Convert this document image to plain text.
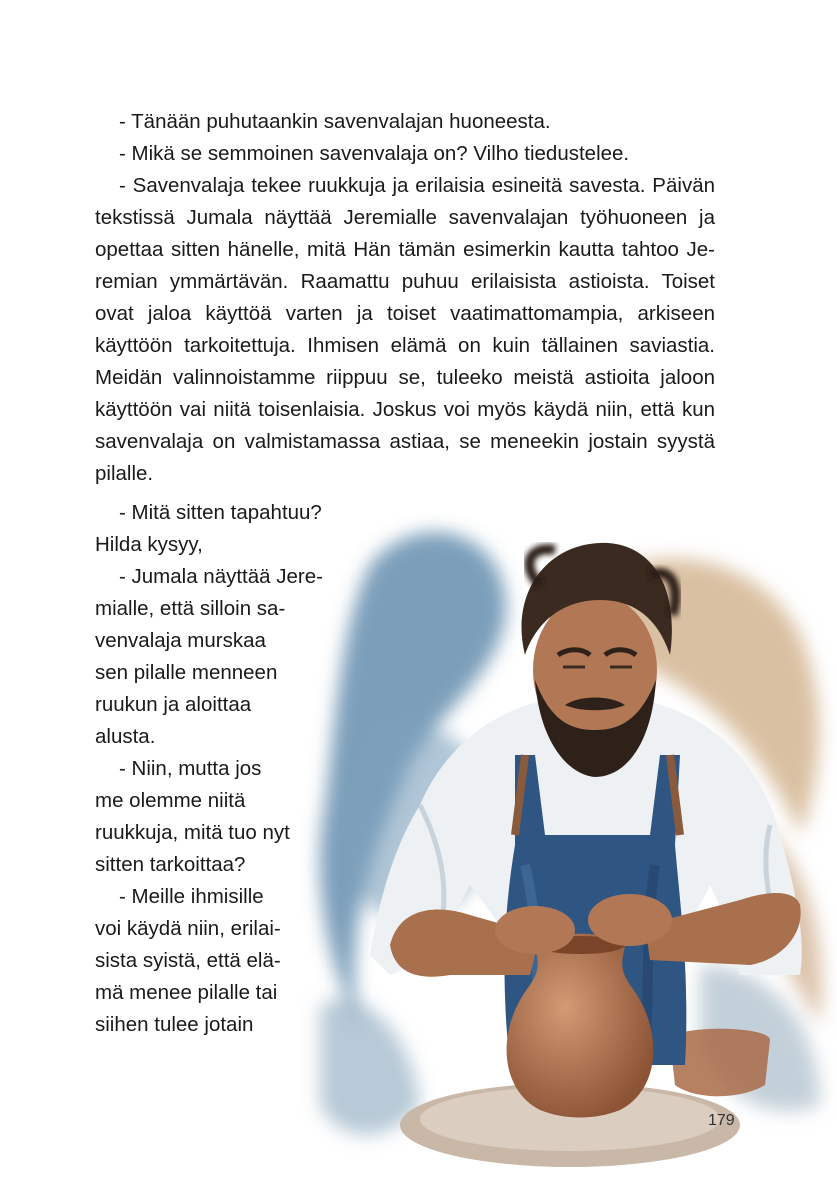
- Tänään puhutaankin savenvalajan huoneesta.
- Mikä se semmoinen savenvalaja on? Vilho tiedustelee.
- Savenvalaja tekee ruukkuja ja erilaisia esineitä savesta. Päivän
tekstissä Jumala näyttää Jeremialle savenvalajan työhuoneen ja
opettaa sitten hänelle, mitä Hän tämän esimerkin kautta tahtoo Je-
remian ymmärtävän. Raamattu puhuu erilaisista astioista. Toiset
ovat jaloa käyttöä varten ja toiset vaatimattomampia, arkiseen
käyttöön tarkoitettuja. Ihmisen elämä on kuin tällainen saviastia.
Meidän valinnoistamme riippuu se, tuleeko meistä astioita jaloon
käyttöön vai niitä toisenlaisia. Joskus voi myös käydä niin, että kun
savenvalaja on valmistamassa astiaa, se meneekin jostain syystä
pilalle.
- Mitä sitten tapahtuu?
Hilda kysyy,
- Jumala näyttää Jere-
mialle, että silloin sa-
venvalaja murskaa
sen pilalle menneen
ruukun ja aloittaa
alusta.
- Niin, mutta jos
me olemme niitä
ruukkuja, mitä tuo nyt
sitten tarkoittaa?
- Meille ihmisille
voi käydä niin, erilai-
sista syistä, että elä-
mä menee pilalle tai
siihen tulee jotain
179
